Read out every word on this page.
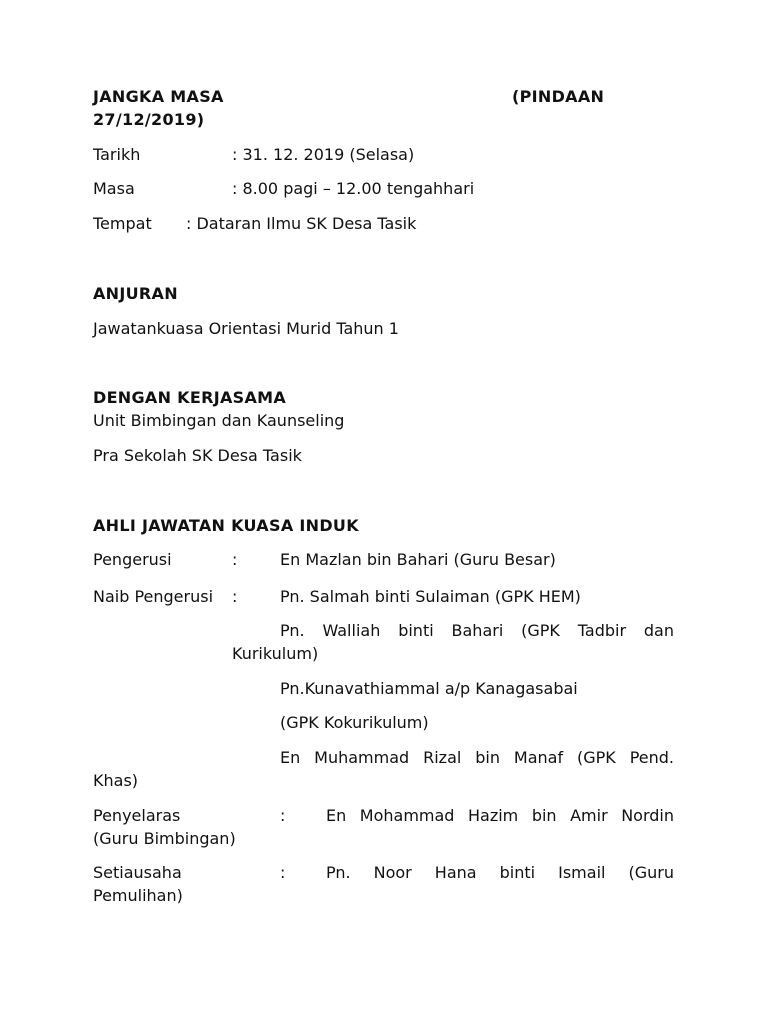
JANGKA MASA	(PINDAAN
27/12/2019)
Tarikh	: 31. 12. 2019 (Selasa)
Masa	: 8.00 pagi – 12.00 tengahhari
Tempat : Dataran Ilmu SK Desa Tasik
ANJURAN
Jawatankuasa Orientasi Murid Tahun 1
DENGAN KERJASAMA
Unit Bimbingan dan Kaunseling
Pra Sekolah SK Desa Tasik
AHLI JAWATAN KUASA INDUK
Pengerusi	:	En Mazlan bin Bahari (Guru Besar)
Naib Pengerusi :	Pn. Salmah binti Sulaiman (GPK HEM)
Pn. Walliah binti Bahari (GPK Tadbir dan
Kurikulum)
Pn.Kunavathiammal a/p Kanagasabai
(GPK Kokurikulum)
En Muhammad Rizal bin Manaf (GPK Pend.
Khas)
Penyelaras	:	En Mohammad Hazim bin Amir Nordin
(Guru Bimbingan)
Setiausaha	:	Pn. Noor Hana binti Ismail (Guru
Pemulihan)
